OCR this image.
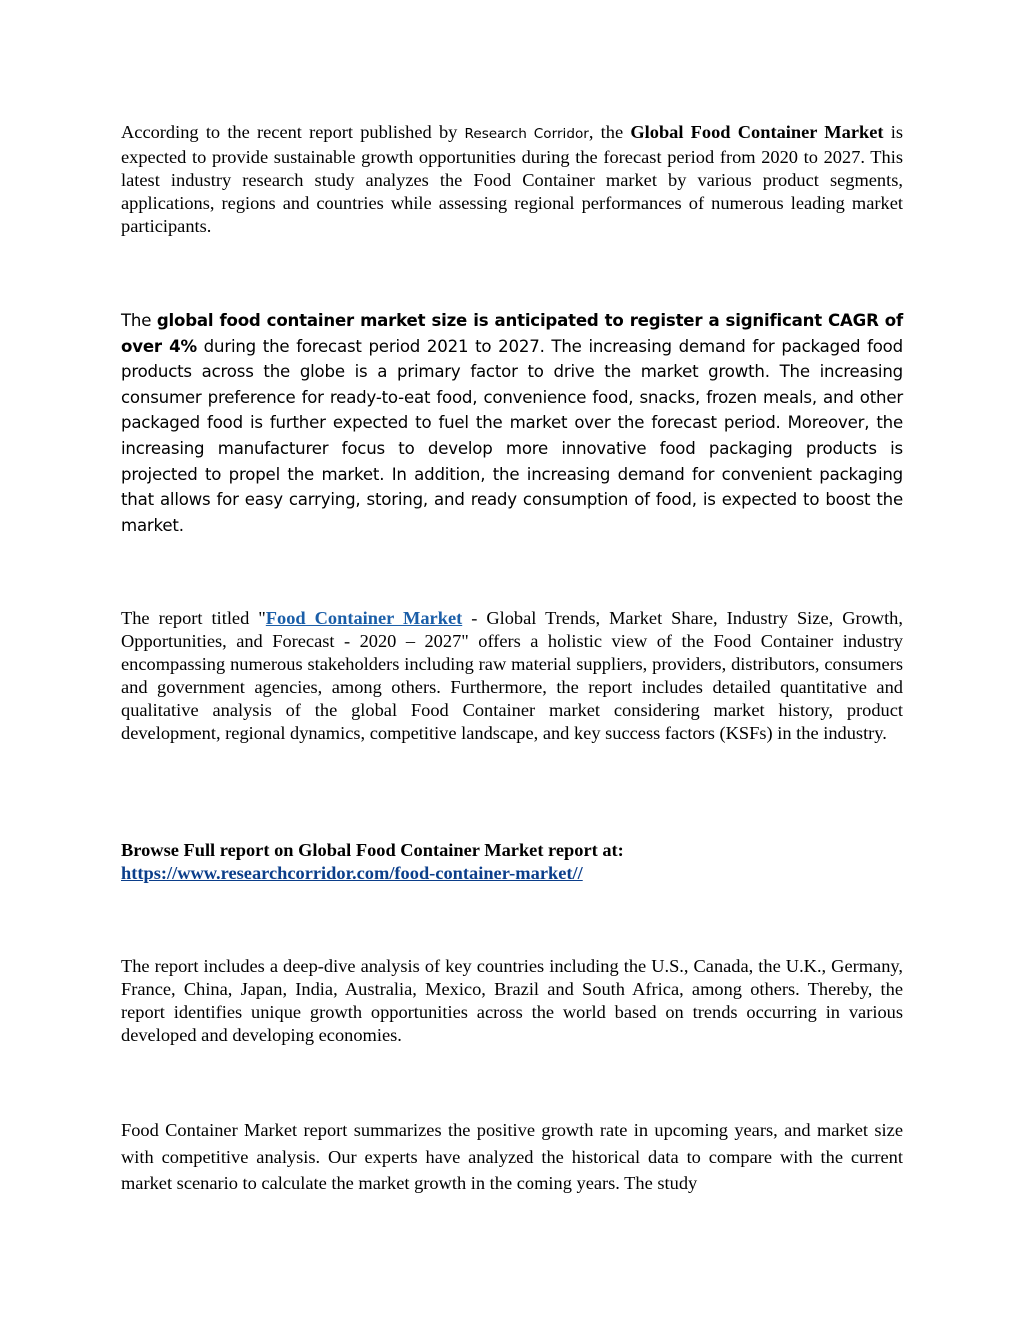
According to the recent report published by Research Corridor, the Global Food Container Market is expected to provide sustainable growth opportunities during the forecast period from 2020 to 2027. This latest industry research study analyzes the Food Container market by various product segments, applications, regions and countries while assessing regional performances of numerous leading market participants.

The global food container market size is anticipated to register a significant CAGR of over 4% during the forecast period 2021 to 2027. The increasing demand for packaged food products across the globe is a primary factor to drive the market growth. The increasing consumer preference for ready-to-eat food, convenience food, snacks, frozen meals, and other packaged food is further expected to fuel the market over the forecast period. Moreover, the increasing manufacturer focus to develop more innovative food packaging products is projected to propel the market. In addition, the increasing demand for convenient packaging that allows for easy carrying, storing, and ready consumption of food, is expected to boost the market.

The report titled "Food Container Market - Global Trends, Market Share, Industry Size, Growth, Opportunities, and Forecast - 2020 – 2027" offers a holistic view of the Food Container industry encompassing numerous stakeholders including raw material suppliers, providers, distributors, consumers and government agencies, among others. Furthermore, the report includes detailed quantitative and qualitative analysis of the global Food Container market considering market history, product development, regional dynamics, competitive landscape, and key success factors (KSFs) in the industry.

Browse Full report on Global Food Container Market report at:
https://www.researchcorridor.com/food-container-market//

The report includes a deep-dive analysis of key countries including the U.S., Canada, the U.K., Germany, France, China, Japan, India, Australia, Mexico, Brazil and South Africa, among others. Thereby, the report identifies unique growth opportunities across the world based on trends occurring in various developed and developing economies.

Food Container Market report summarizes the positive growth rate in upcoming years, and market size with competitive analysis. Our experts have analyzed the historical data to compare with the current market scenario to calculate the market growth in the coming years. The study
